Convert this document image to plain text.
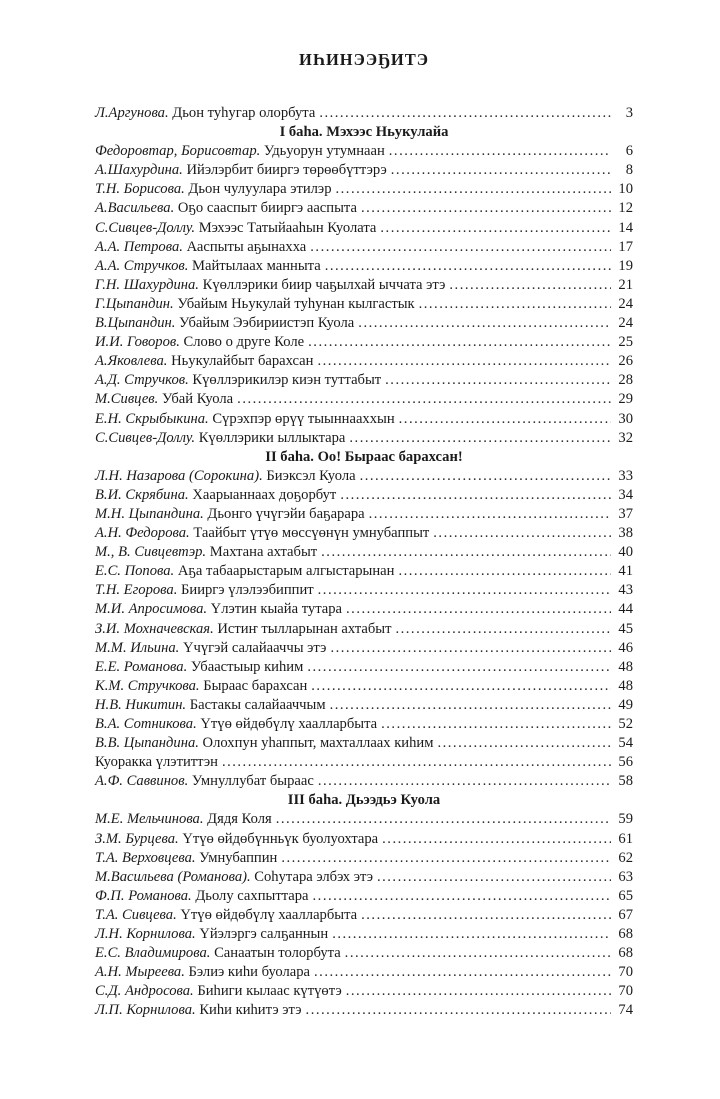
ИҺИНЭЭҔИТЭ
Л.Аргунова. Дьон туһугар олорбута .....	3
I баһа. Мэхээс Ньукулайа
Федоровтар, Борисовтар. Удьуорун утумнаан .....	6
А.Шахурдина. Ийэлэрбит бииргэ төрөөбүттэрэ .....	8
Т.Н. Борисова. Дьон чулуулара этилэр .....	10
А.Васильева. Оҕо сааспыт бииргэ ааспыта .....	12
С.Сивцев-Доллу. Мэхээс Татыйааһын Куолата .....	14
А.А. Петрова. Ааспыты аҕынахха .....	17
А.А. Стручков. Майтылаах манныта .....	19
Г.Н. Шахурдина. Күөллэрики биир чаҕылхай ыччата этэ .....	21
Г.Цыпандин. Убайым Ньукулай туһунан кылгастык .....	24
В.Цыпандин. Убайым Ээбириистэп Куола .....	24
И.И. Говоров. Слово о друге Коле .....	25
А.Яковлева. Ньукулайбыт барахсан .....	26
А.Д. Стручков. Күөллэрикилэр киэн туттабыт .....	28
М.Сивцев. Убай Куола .....	29
Е.Н. Скрыбыкина. Сүрэхпэр өрүү тыыннааххын .....	30
С.Сивцев-Доллу. Күөллэрики ыллыктара .....	32
II баһа. Оо! Быраас барахсан!
Л.Н. Назарова (Сорокина). Биэксэл Куола .....	33
В.И. Скрябина. Хаарыаннаах доҕорбут .....	34
М.Н. Цыпандина. Дьонго үчүгэйи баҕарара .....	37
А.Н. Федорова. Таайбыт үтүө мөссүөнүн умнубаппыт .....	38
М., В. Сивцевтэр. Махтана ахтабыт .....	40
Е.С. Попова. Аҕа табаарыстарым алгыстарынан .....	41
Т.Н. Егорова. Бииргэ үлэлээбиппит .....	43
М.И. Апросимова. Үлэтин кыайа тутара .....	44
З.И. Мохначевская. Истиҥ тылларынан ахтабыт .....	45
М.М. Ильина. Үчүгэй салайааччы этэ .....	46
Е.Е. Романова. Убаастыыр киһим .....	48
К.М. Стручкова. Быраас барахсан .....	48
Н.В. Никитин. Бастакы салайааччым .....	49
В.А. Сотникова. Үтүө өйдөбүлү хаалларбыта .....	52
В.В. Цыпандина. Олохпун уһаппыт, махталлаах киһим .....	54
Куоракка үлэтиттэн .....	56
А.Ф. Саввинов. Умнуллубат быраас .....	58
III баһа. Дьээдьэ Куола
М.Е. Мельчинова. Дядя Коля .....	59
З.М. Бурцева. Үтүө өйдөбүнньүк буолуохтара .....	61
Т.А. Верховцева. Умнубаппин .....	62
М.Васильева (Романова). Соһутара элбэх этэ .....	63
Ф.П. Романова. Дьолу сахпыттара .....	65
Т.А. Сивцева. Үтүө өйдөбүлү хаалларбыта .....	67
Л.Н. Корнилова. Үйэлэргэ салҕаннын .....	68
Е.С. Владимирова. Санаатын толорбута .....	68
А.Н. Мыреева. Бэлиэ киһи буолара .....	70
С.Д. Андросова. Биһиги кылаас күтүөтэ .....	70
Л.П. Корнилова. Киһи киһитэ этэ .....	74
